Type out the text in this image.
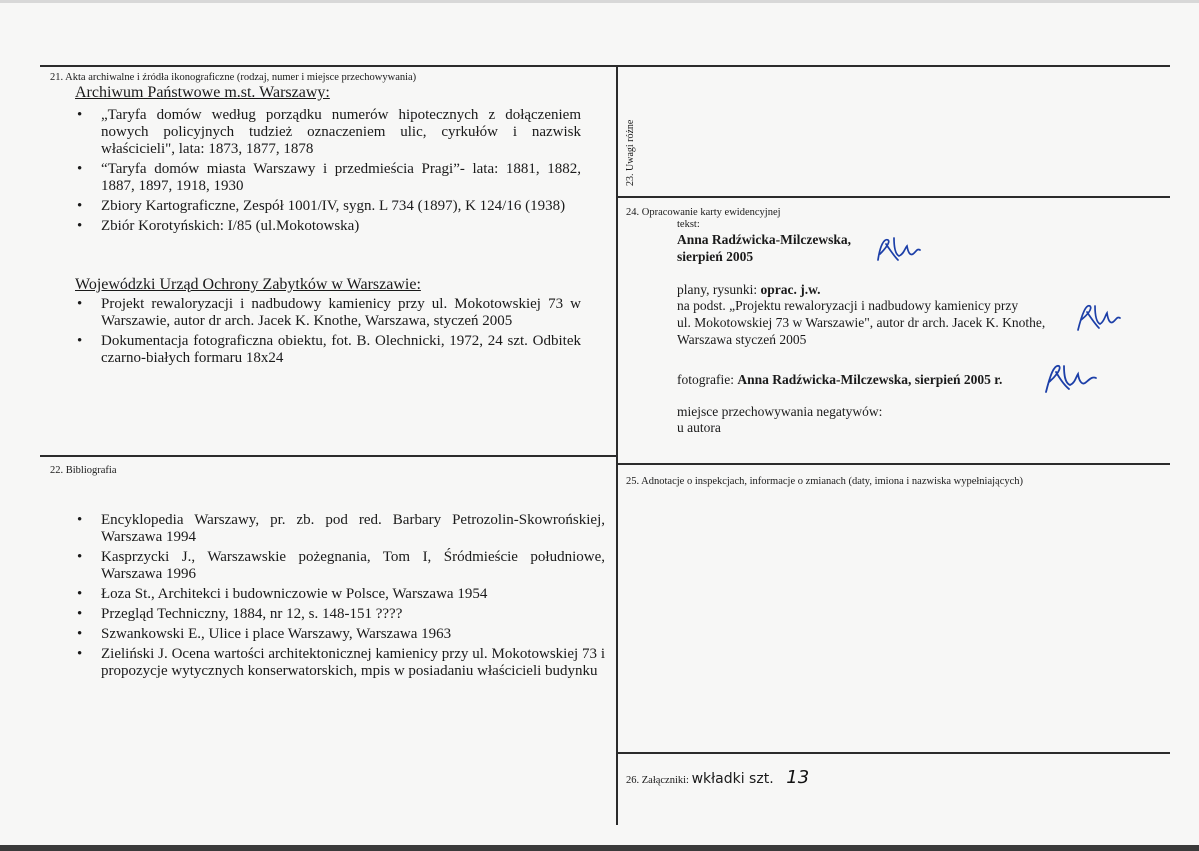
21. Akta archiwalne i źródła ikonograficzne (rodzaj, numer i miejsce przechowywania)
Archiwum Państwowe m.st. Warszawy:
• „Taryfa domów według porządku numerów hipotecznych z dołączeniem nowych policyjnych tudzież oznaczeniem ulic, cyrkułów i nazwisk właścicieli", lata: 1873, 1877, 1878
• “Taryfa domów miasta Warszawy i przedmieścia Pragi”- lata: 1881, 1882, 1887, 1897, 1918, 1930
• Zbiory Kartograficzne, Zespół 1001/IV, sygn. L 734 (1897), K 124/16 (1938)
• Zbiór Korotyńskich: I/85 (ul.Mokotowska)
Wojewódzki Urząd Ochrony Zabytków w Warszawie:
• Projekt rewaloryzacji i nadbudowy kamienicy przy ul. Mokotowskiej 73 w Warszawie, autor dr arch. Jacek K. Knothe, Warszawa, styczeń 2005
• Dokumentacja fotograficzna obiektu, fot. B. Olechnicki, 1972, 24 szt. Odbitek czarno-białych formaru 18x24
22. Bibliografia
• Encyklopedia Warszawy, pr. zb. pod red. Barbary Petrozolin-Skowrońskiej, Warszawa 1994
• Kasprzycki J., Warszawskie pożegnania, Tom I, Śródmieście południowe, Warszawa 1996
• Łoza St., Architekci i budowniczowie w Polsce, Warszawa 1954
• Przegląd Techniczny, 1884, nr 12, s. 148-151 ????
• Szwankowski E., Ulice i place Warszawy, Warszawa 1963
• Zieliński J. Ocena wartości architektonicznej kamienicy przy ul. Mokotowskiej 73 i propozycje wytycznych konserwatorskich, mpis w posiadaniu właścicieli budynku
23. Uwagi różne
24. Opracowanie karty ewidencyjnej
tekst:
Anna Radźwicka-Milczewska,
sierpień 2005
plany, rysunki: oprac. j.w.
na podst. „Projektu rewaloryzacji i nadbudowy kamienicy przy
ul. Mokotowskiej 73 w Warszawie", autor dr arch. Jacek K. Knothe,
Warszawa styczeń 2005
fotografie: Anna Radźwicka-Milczewska, sierpień 2005 r.
miejsce przechowywania negatywów:
u autora
25. Adnotacje o inspekcjach, informacje o zmianach (daty, imiona i nazwiska wypełniających)
26. Załączniki: wkładki szt. 13
